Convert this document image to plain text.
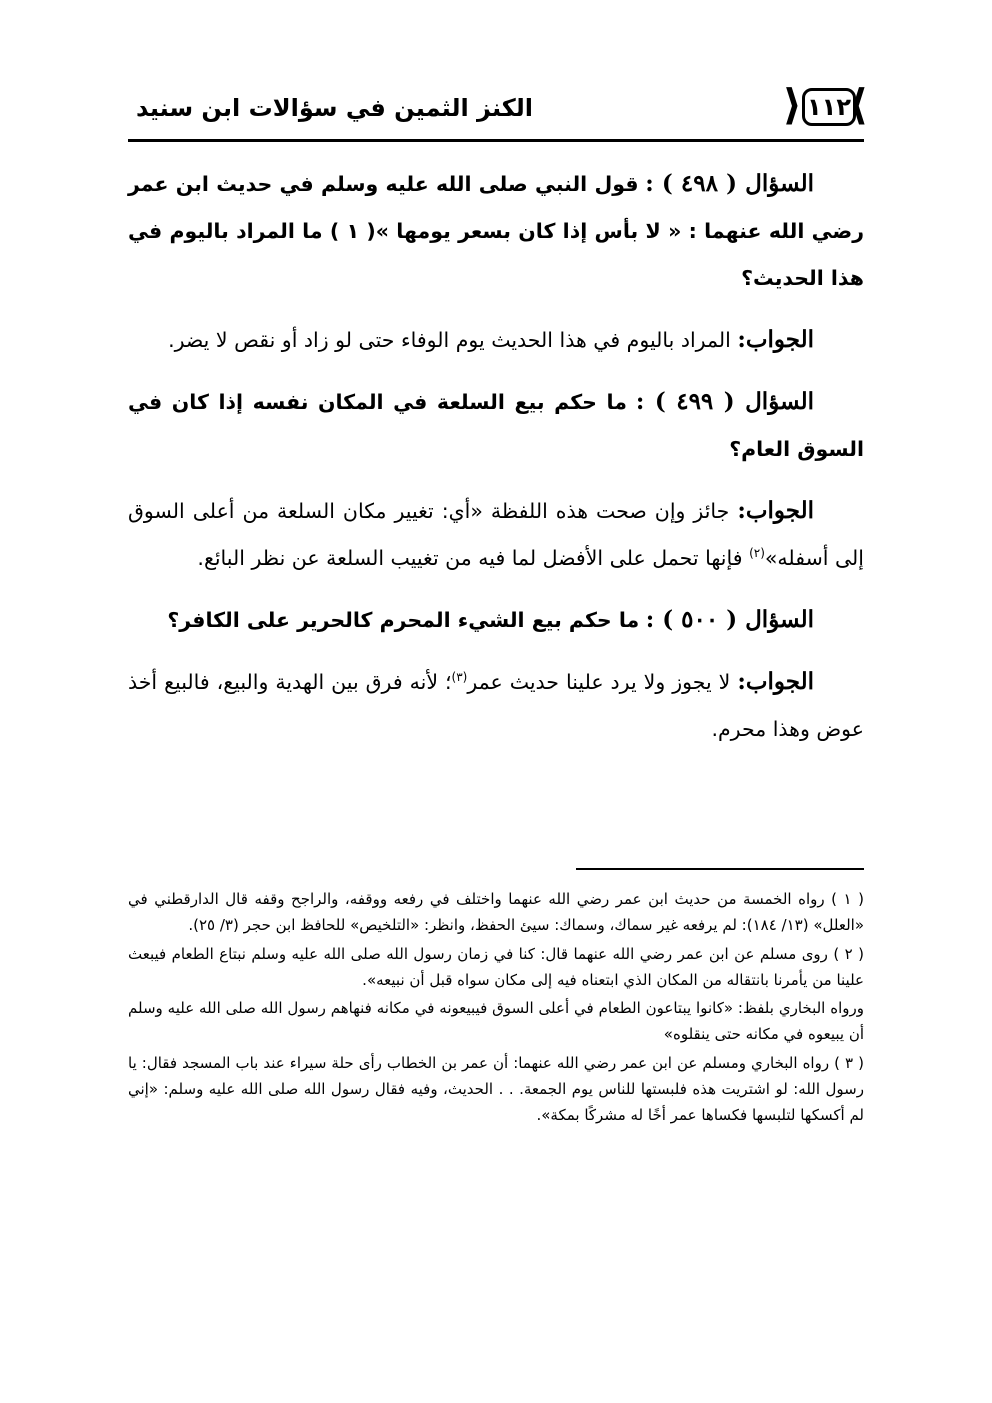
⟩
⟨ ١١٢
الكنز الثمين في سؤالات ابن سنيد

السؤال ( ٤٩٨ ) : قول النبي صلى الله عليه وسلم في حديث ابن عمر رضي الله عنهما : « لا بأس إذا كان بسعر يومها »( ١ ) ما المراد باليوم في هذا الحديث؟

الجواب: المراد باليوم في هذا الحديث يوم الوفاء حتى لو زاد أو نقص لا يضر.

السؤال ( ٤٩٩ ) : ما حكم بيع السلعة في المكان نفسه إذا كان في السوق العام؟

الجواب: جائز وإن صحت هذه اللفظة «أي: تغيير مكان السلعة من أعلى السوق إلى أسفله»$^{(٢)}$ فإنها تحمل على الأفضل لما فيه من تغييب السلعة عن نظر البائع.

السؤال ( ٥٠٠ ) : ما حكم بيع الشيء المحرم كالحرير على الكافر؟

الجواب: لا يجوز ولا يرد علينا حديث عمر$^{(٣)}$؛ لأنه فرق بين الهدية والبيع، فالبيع أخذ عوض وهذا محرم.

( ١ ) رواه الخمسة من حديث ابن عمر رضي الله عنهما واختلف في رفعه ووقفه، والراجح وقفه قال الدارقطني في «العلل» (١٣/ ١٨٤): لم يرفعه غير سماك، وسماك: سيئ الحفظ، وانظر: «التلخيص» للحافظ ابن حجر (٣/ ٢٥).

( ٢ ) روى مسلم عن ابن عمر رضي الله عنهما قال: كنا في زمان رسول الله صلى الله عليه وسلم نبتاع الطعام فيبعث علينا من يأمرنا بانتقاله من المكان الذي ابتعناه فيه إلى مكان سواه قبل أن نبيعه».

ورواه البخاري بلفظ: «كانوا يبتاعون الطعام في أعلى السوق فيبيعونه في مكانه فنهاهم رسول الله صلى الله عليه وسلم أن يبيعوه في مكانه حتى ينقلوه»

( ٣ ) رواه البخاري ومسلم عن ابن عمر رضي الله عنهما: أن عمر بن الخطاب رأى حلة سيراء عند باب المسجد فقال: يا رسول الله: لو اشتريت هذه فلبستها للناس يوم الجمعة. . . الحديث، وفيه فقال رسول الله صلى الله عليه وسلم: «إني لم أكسكها لتلبسها فكساها عمر أخًا له مشركًا بمكة».
